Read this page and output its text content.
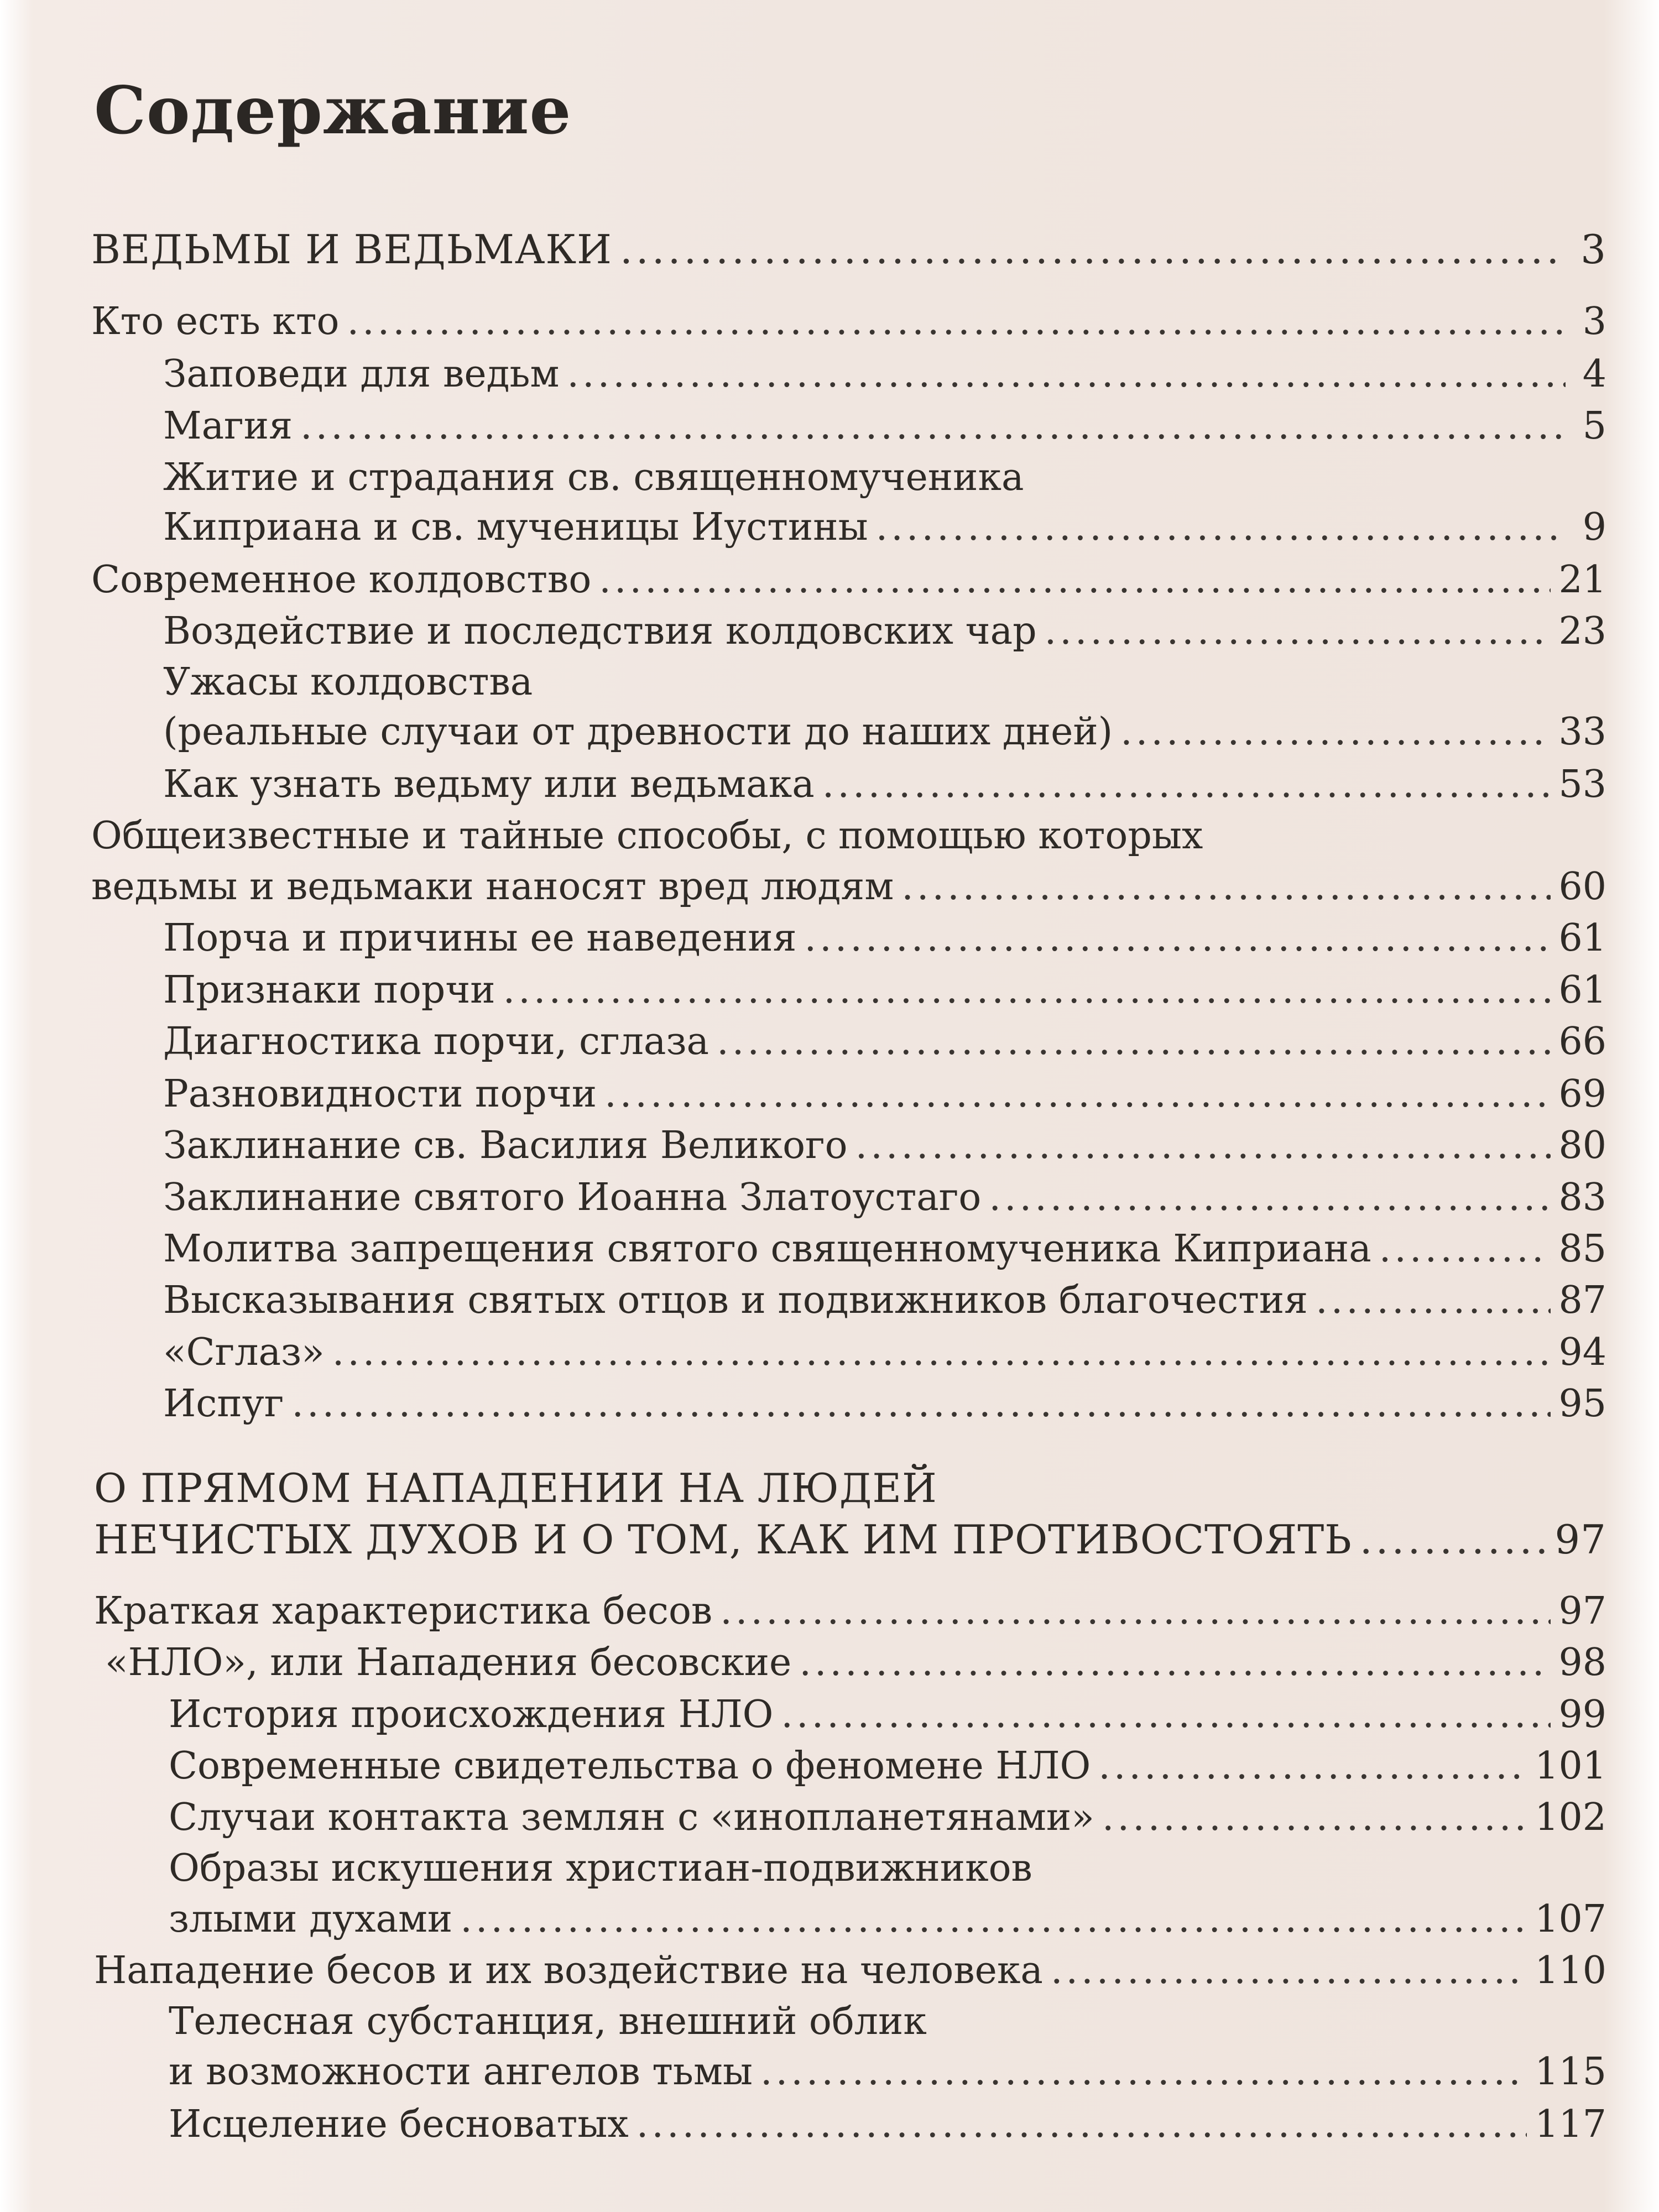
Содержание
ВЕДЬМЫ И ВЕДЬМАКИ .....	3
Кто есть кто .....	3
Заповеди для ведьм .....	4
Магия .....	5
Житие и страдания св. священномученика
Киприана и св. мученицы Иустины .....	9
Современное колдовство .....	21
Воздействие и последствия колдовских чар .....	23
Ужасы колдовства
(реальные случаи от древности до наших дней) .....	33
Как узнать ведьму или ведьмака .....	53
Общеизвестные и тайные способы, с помощью которых
ведьмы и ведьмаки наносят вред людям .....	60
Порча и причины ее наведения .....	61
Признаки порчи .....	61
Диагностика порчи, сглаза .....	66
Разновидности порчи .....	69
Заклинание св. Василия Великого .....	80
Заклинание святого Иоанна Златоустаго .....	83
Молитва запрещения святого священномученика Киприана .....	85
Высказывания святых отцов и подвижников благочестия .....	87
«Сглаз» .....	94
Испуг .....	95
О ПРЯМОМ НАПАДЕНИИ НА ЛЮДЕЙ
НЕЧИСТЫХ ДУХОВ И О ТОМ, КАК ИМ ПРОТИВОСТОЯТЬ .....	97
Краткая характеристика бесов .....	97
«НЛО», или Нападения бесовские .....	98
История происхождения НЛО .....	99
Современные свидетельства о феномене НЛО .....	101
Случаи контакта землян с «инопланетянами» .....	102
Образы искушения христиан-подвижников
злыми духами .....	107
Нападение бесов и их воздействие на человека .....	110
Телесная субстанция, внешний облик
и возможности ангелов тьмы .....	115
Исцеление бесноватых .....	117
